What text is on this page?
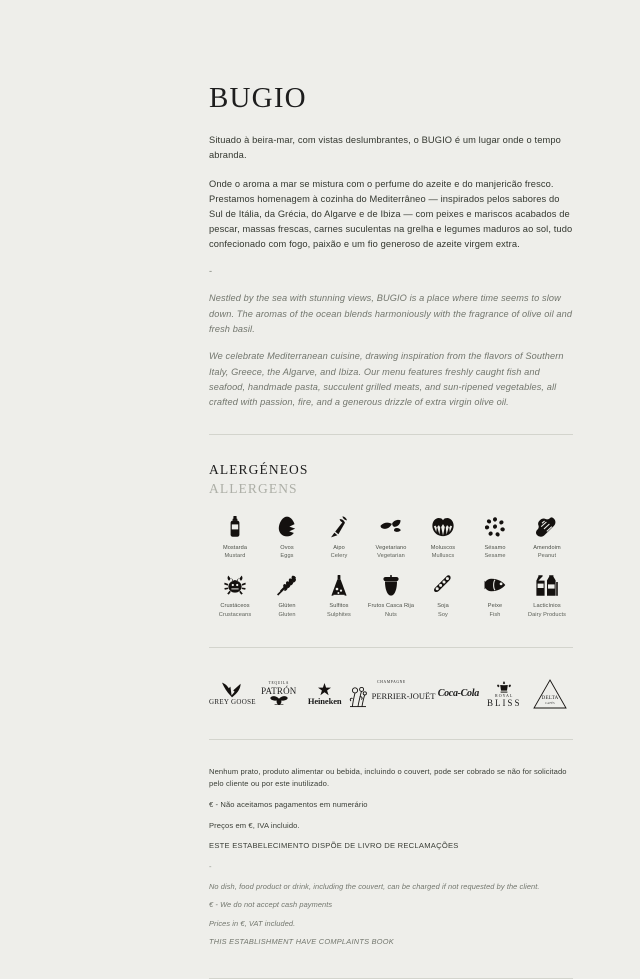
BUGIO

Situado à beira-mar, com vistas deslumbrantes, o BUGIO é um lugar onde o tempo abranda.

Onde o aroma a mar se mistura com o perfume do azeite e do manjericão fresco. Prestamos homenagem à cozinha do Mediterrâneo — inspirados pelos sabores do Sul de Itália, da Grécia, do Algarve e de Ibiza — com peixes e mariscos acabados de pescar, massas frescas, carnes suculentas na grelha e legumes maduros ao sol, tudo confecionado com fogo, paixão e um fio generoso de azeite virgem extra.

-

Nestled by the sea with stunning views, BUGIO is a place where time seems to slow down. The aromas of the ocean blends harmoniously with the fragrance of olive oil and fresh basil.

We celebrate Mediterranean cuisine, drawing inspiration from the flavors of Southern Italy, Greece, the Algarve, and Ibiza. Our menu features freshly caught fish and seafood, handmade pasta, succulent grilled meats, and sun-ripened vegetables, all crafted with passion, fire, and a generous drizzle of extra virgin olive oil.

ALERGÉNEOS
ALLERGENS
Mostarda
Mustard
Ovos
Eggs
Aipo
Celery
Vegetariano
Vegetarian
Moluscos
Mulluscs
Sésamo
Sesame
Amendoim
Peanut
Crustáceos
Crustaceans
Glúten
Gluten
Sulfitos
Sulphites
Frutos Casca Rija
Nuts
Soja
Soy
Peixe
Fish
Lacticínios
Dairy Products
GREY GOOSE
TEQUILA
PATRÓN
Heineken
CHAMPAGNE
PERRIER-JOUËT Coca-Cola	ROYAL
BLISS	DELTA
CAFÉS

Nenhum prato, produto alimentar ou bebida, incluindo o couvert, pode ser cobrado se não for solicitado pelo cliente ou por este inutilizado.

€ - Não aceitamos pagamentos em numerário

Preços em €, IVA incluido.

ESTE ESTABELECIMENTO DISPÕE DE LIVRO DE RECLAMAÇÕES

-

No dish, food product or drink, including the couvert, can be charged if not requested by the client.

€ - We do not accept cash payments

Prices in €, VAT included.

THIS ESTABLISHMENT HAVE COMPLAINTS BOOK
